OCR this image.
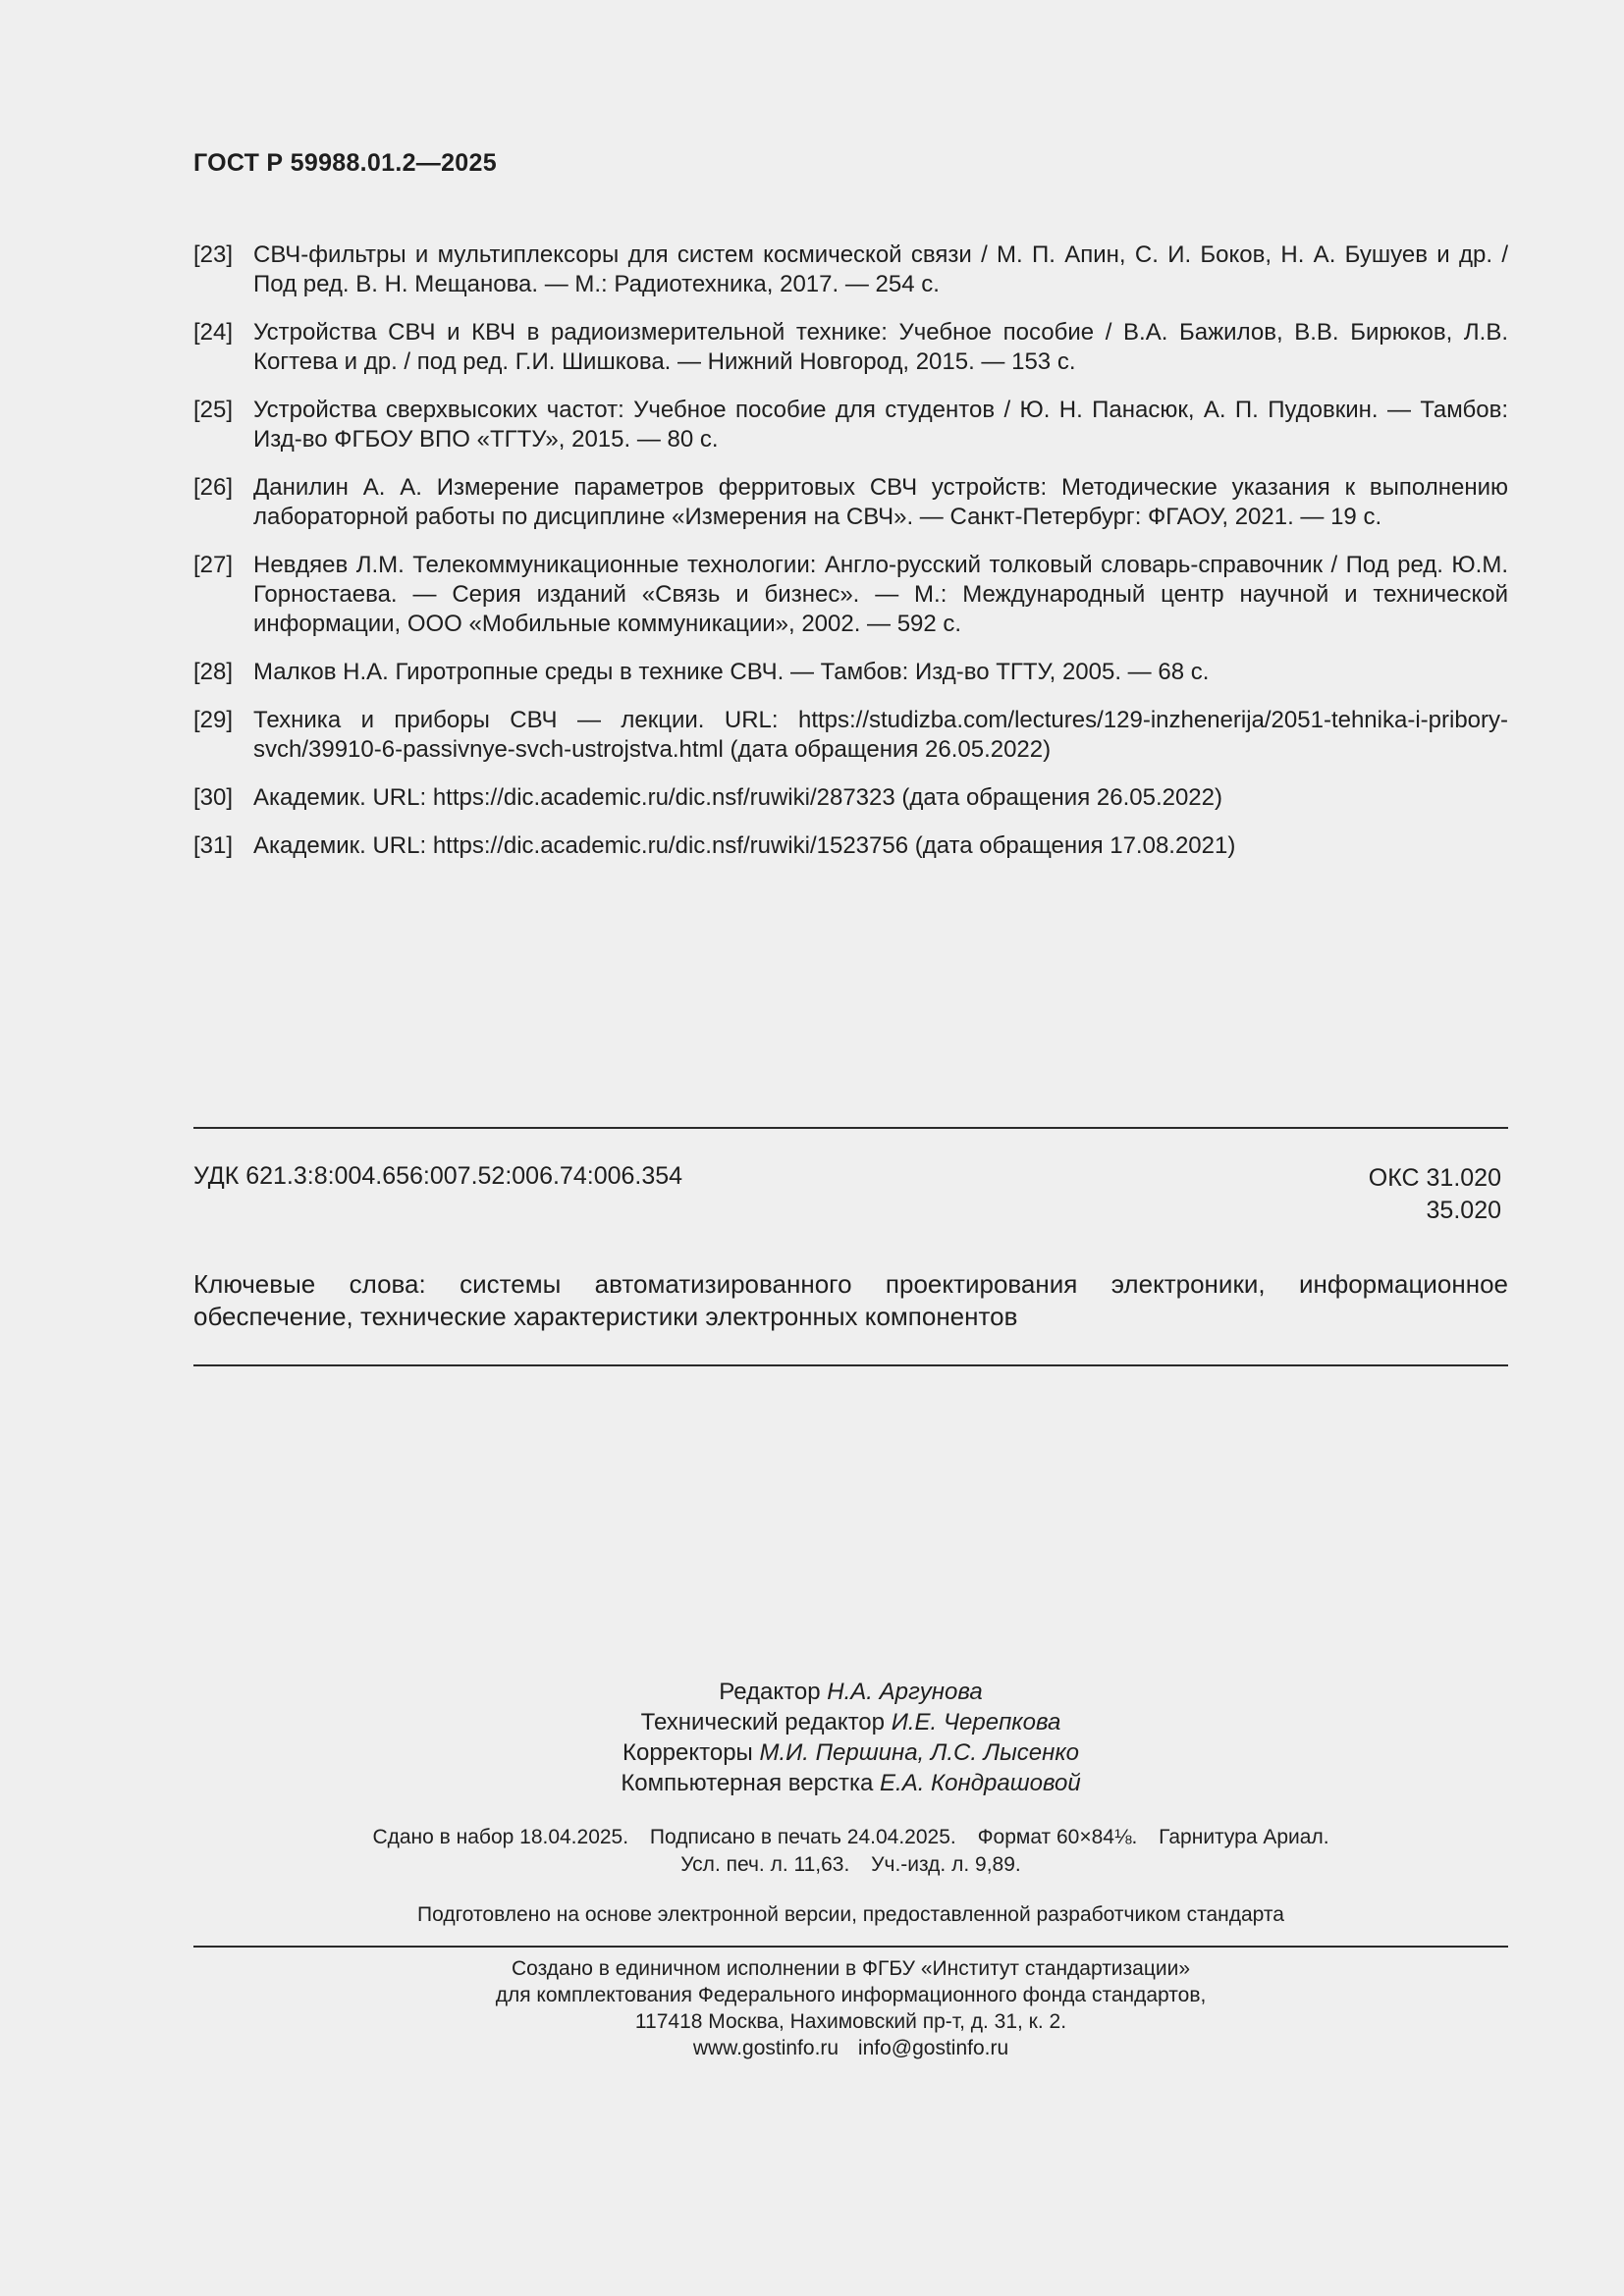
ГОСТ Р 59988.01.2—2025
[23] СВЧ-фильтры и мультиплексоры для систем космической связи / М. П. Апин, С. И. Боков, Н. А. Бушуев и др. / Под ред. В. Н. Мещанова. — М.: Радиотехника, 2017. — 254 с.
[24] Устройства СВЧ и КВЧ в радиоизмерительной технике: Учебное пособие / В.А. Бажилов, В.В. Бирюков, Л.В. Когтева и др. / под ред. Г.И. Шишкова. — Нижний Новгород, 2015. — 153 с.
[25] Устройства сверхвысоких частот: Учебное пособие для студентов / Ю. Н. Панасюк, А. П. Пудовкин. — Тамбов: Изд-во ФГБОУ ВПО «ТГТУ», 2015. — 80 с.
[26] Данилин А. А. Измерение параметров ферритовых СВЧ устройств: Методические указания к выполнению лабораторной работы по дисциплине «Измерения на СВЧ». — Санкт-Петербург: ФГАОУ, 2021. — 19 с.
[27] Невдяев Л.М. Телекоммуникационные технологии: Англо-русский толковый словарь-справочник / Под ред. Ю.М. Горностаева. — Серия изданий «Связь и бизнес». — М.: Международный центр научной и технической информации, ООО «Мобильные коммуникации», 2002. — 592 с.
[28] Малков Н.А. Гиротропные среды в технике СВЧ. — Тамбов: Изд-во ТГТУ, 2005. — 68 с.
[29] Техника и приборы СВЧ — лекции. URL: https://studizba.com/lectures/129-inzhenerija/2051-tehnika-i-pribory-svch/39910-6-passivnye-svch-ustrojstva.html (дата обращения 26.05.2022)
[30] Академик. URL: https://dic.academic.ru/dic.nsf/ruwiki/287323 (дата обращения 26.05.2022)
[31] Академик. URL: https://dic.academic.ru/dic.nsf/ruwiki/1523756 (дата обращения 17.08.2021)
УДК 621.3:8:004.656:007.52:006.74:006.354	ОКС 31.020
35.020
Ключевые слова: системы автоматизированного проектирования электроники, информационное обеспечение, технические характеристики электронных компонентов
Редактор Н.А. Аргунова
Технический редактор И.Е. Черепкова
Корректоры М.И. Першина, Л.С. Лысенко
Компьютерная верстка Е.А. Кондрашовой
Сдано в набор 18.04.2025. Подписано в печать 24.04.2025. Формат 60×84⅛. Гарнитура Ариал.
Усл. печ. л. 11,63. Уч.-изд. л. 9,89.
Подготовлено на основе электронной версии, предоставленной разработчиком стандарта
Создано в единичном исполнении в ФГБУ «Институт стандартизации»
для комплектования Федерального информационного фонда стандартов,
117418 Москва, Нахимовский пр-т, д. 31, к. 2.
www.gostinfo.ru info@gostinfo.ru
